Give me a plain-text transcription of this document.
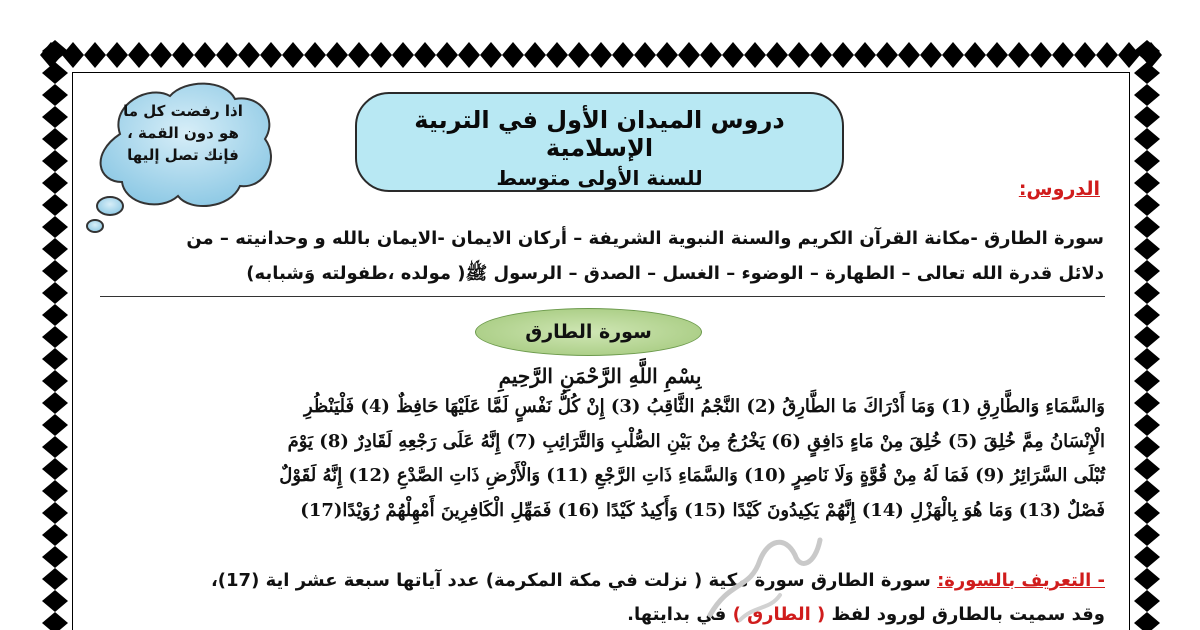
اذا رفضت كل ما
هو دون القمة ،
فإنك تصل إليها
دروس الميدان الأول في التربية الإسلامية
للسنة الأولى متوسط	الدروس:
سورة الطارق -مكانة القرآن الكريم والسنة النبوية الشريفة – أركان الايمان -الايمان بالله و وحدانيته – من
دلائل قدرة الله تعالى – الطهارة – الوضوء – الغسل – الصدق – الرسول ﷺ( مولده ،طفولته وَشبابه)
سورة الطارق
بِسْمِ اللَّهِ الرَّحْمَنِ الرَّحِيمِ
وَالسَّمَاءِ وَالطَّارِقِ (1) وَمَا أَدْرَاكَ مَا الطَّارِقُ (2) النَّجْمُ الثَّاقِبُ (3) إِنْ كُلُّ نَفْسٍ لَمَّا عَلَيْهَا حَافِظٌ (4) فَلْيَنْظُرِ
الْإِنْسَانُ مِمَّ خُلِقَ (5) خُلِقَ مِنْ مَاءٍ دَافِقٍ (6) يَخْرُجُ مِنْ بَيْنِ الصُّلْبِ وَالتَّرَائِبِ (7) إِنَّهُ عَلَى رَجْعِهِ لَقَادِرٌ (8) يَوْمَ
تُبْلَى السَّرَائِرُ (9) فَمَا لَهُ مِنْ قُوَّةٍ وَلَا نَاصِرٍ (10) وَالسَّمَاءِ ذَاتِ الرَّجْعِ (11) وَالْأَرْضِ ذَاتِ الصَّدْعِ (12) إِنَّهُ لَقَوْلٌ
فَصْلٌ (13) وَمَا هُوَ بِالْهَزْلِ (14) إِنَّهُمْ يَكِيدُونَ كَيْدًا (15) وَأَكِيدُ كَيْدًا (16) فَمَهِّلِ الْكَافِرِينَ أَمْهِلْهُمْ رُوَيْدًا(17)
- التعريف بالسورة: سورة الطارق سورة مكية ( نزلت في مكة المكرمة) عدد آياتها سبعة عشر اية (17)،
وقد سميت بالطارق لورود لفظ ( الطارق ) في بدايتها.
